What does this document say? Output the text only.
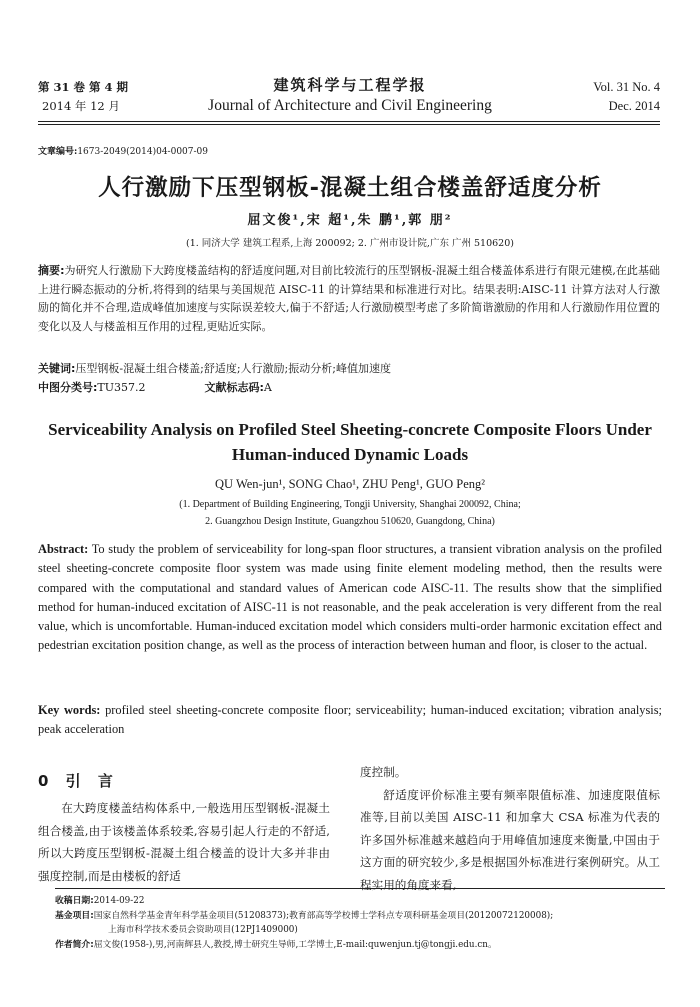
第 31 卷 第 4 期
2014 年 12 月
建筑科学与工程学报
Journal of Architecture and Civil Engineering
Vol. 31 No. 4
Dec. 2014
文章编号:1673-2049(2014)04-0007-09
人行激励下压型钢板-混凝土组合楼盖舒适度分析
屈文俊¹,宋 超¹,朱 鹏¹,郭 朋²
(1. 同济大学 建筑工程系,上海 200092; 2. 广州市设计院,广东 广州 510620)
摘要:为研究人行激励下大跨度楼盖结构的舒适度问题,对目前比较流行的压型钢板-混凝土组合楼盖体系进行有限元建模,在此基础上进行瞬态振动的分析,将得到的结果与美国规范 AISC-11 的计算结果和标准进行对比。结果表明:AISC-11 计算方法对人行激励的简化并不合理,造成峰值加速度与实际误差较大,偏于不舒适;人行激励模型考虑了多阶简谐激励的作用和人行激励作用位置的变化以及人与楼盖相互作用的过程,更贴近实际。
关键词:压型钢板-混凝土组合楼盖;舒适度;人行激励;振动分析;峰值加速度
中图分类号:TU357.2	文献标志码:A
Serviceability Analysis on Profiled Steel Sheeting-concrete Composite Floors Under Human-induced Dynamic Loads
QU Wen-jun¹, SONG Chao¹, ZHU Peng¹, GUO Peng²
(1. Department of Building Engineering, Tongji University, Shanghai 200092, China;
2. Guangzhou Design Institute, Guangzhou 510620, Guangdong, China)
Abstract: To study the problem of serviceability for long-span floor structures, a transient vibration analysis on the profiled steel sheeting-concrete composite floor system was made using finite element modeling method, then the results were compared with the computational and standard values of American code AISC-11. The results show that the simplified method for human-induced excitation of AISC-11 is not reasonable, and the peak acceleration is very different from the real value, which is uncomfortable. Human-induced excitation model which considers multi-order harmonic excitation effect and pedestrian excitation position change, as well as the process of interaction between human and floor, is closer to the actual.
Key words: profiled steel sheeting-concrete composite floor; serviceability; human-induced excitation; vibration analysis; peak acceleration
0 引 言

在大跨度楼盖结构体系中,一般选用压型钢板-混凝土组合楼盖,由于该楼盖体系较柔,容易引起人行走的不舒适,所以大跨度压型钢板-混凝土组合楼盖的设计大多并非由强度控制,而是由楼板的舒适

度控制。

舒适度评价标准主要有频率限值标准、加速度限值标准等,目前以美国 AISC-11 和加拿大 CSA 标准为代表的许多国外标准越来越趋向于用峰值加速度来衡量,中国由于这方面的研究较少,多是根据国外标准进行案例研究。从工程实用的角度来看,

收稿日期:2014-09-22
基金项目:国家自然科学基金青年科学基金项目(51208373);教育部高等学校博士学科点专项科研基金项目(20120072120008);
上海市科学技术委员会资助项目(12PJ1409000)
作者简介:屈文俊(1958-),男,河南辉县人,教授,博士研究生导师,工学博士,E-mail:quwenjun.tj@tongji.edu.cn。
